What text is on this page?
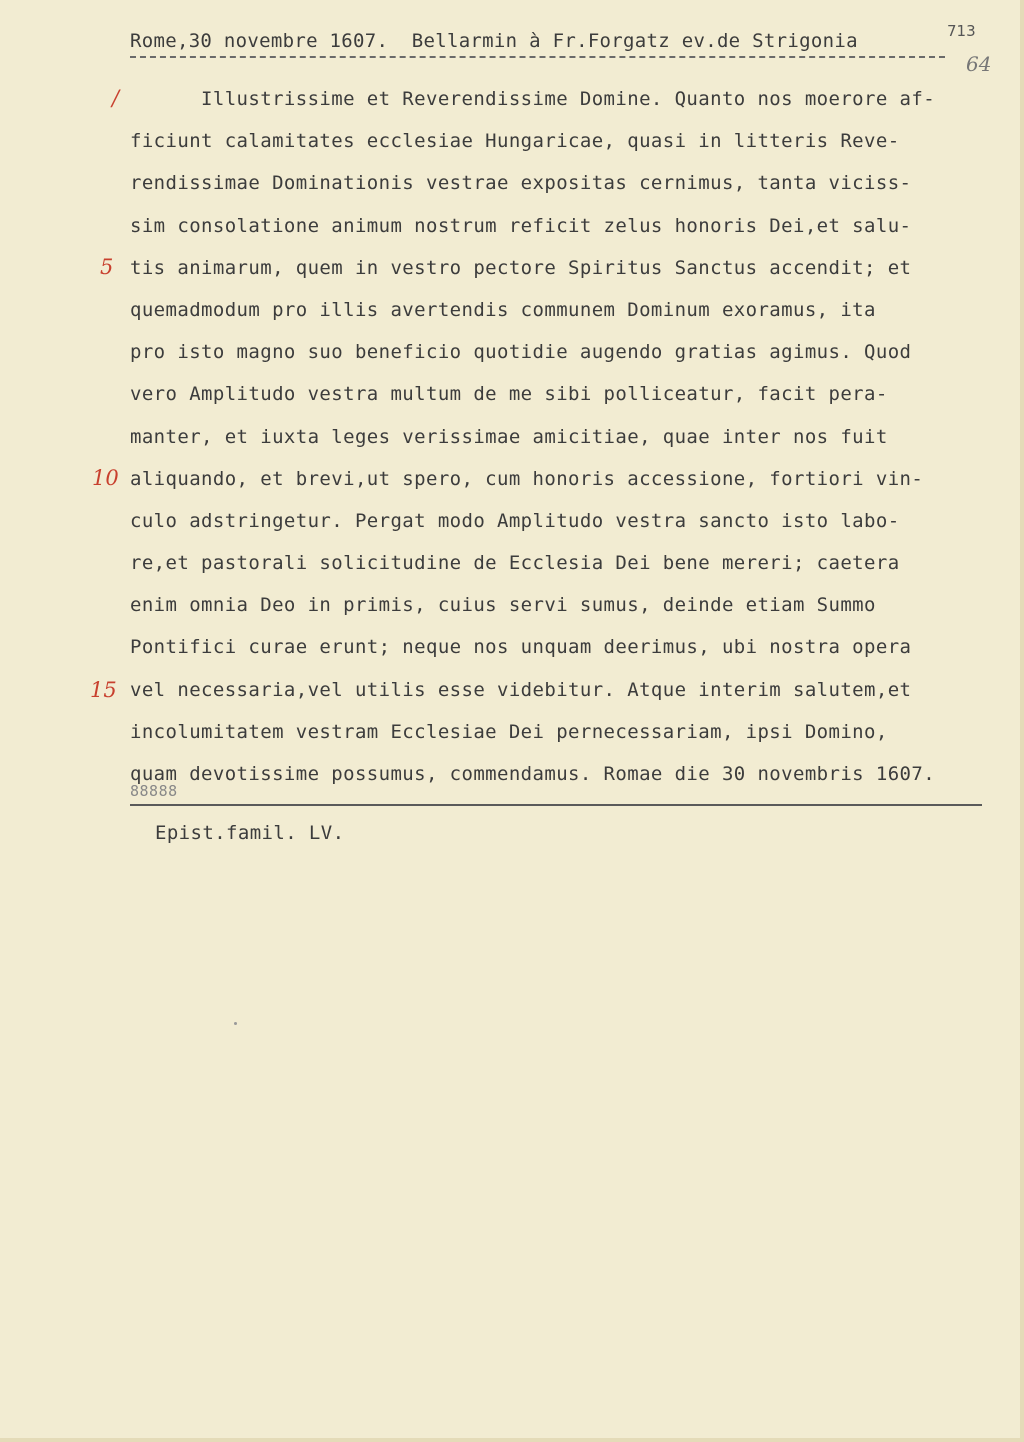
Rome,30 novembre 1607.  Bellarmin à Fr.Forgatz ev.de Strigonia	713
64
/
5
10
15
Illustrissime et Reverendissime Domine. Quanto nos moerore af-
ficiunt calamitates ecclesiae Hungaricae, quasi in litteris Reve-
rendissimae Dominationis vestrae expositas cernimus, tanta viciss-
sim consolatione animum nostrum reficit zelus honoris Dei,et salu-
tis animarum, quem in vestro pectore Spiritus Sanctus accendit; et
quemadmodum pro illis avertendis communem Dominum exoramus, ita
pro isto magno suo beneficio quotidie augendo gratias agimus. Quod
vero Amplitudo vestra multum de me sibi polliceatur, facit pera-
manter, et iuxta leges verissimae amicitiae, quae inter nos fuit
aliquando, et brevi,ut spero, cum honoris accessione, fortiori vin-
culo adstringetur. Pergat modo Amplitudo vestra sancto isto labo-
re,et pastorali solicitudine de Ecclesia Dei bene mereri; caetera
enim omnia Deo in primis, cuius servi sumus, deinde etiam Summo
Pontifici curae erunt; neque nos unquam deerimus, ubi nostra opera
vel necessaria,vel utilis esse videbitur. Atque interim salutem,et
incolumitatem vestram Ecclesiae Dei pernecessariam, ipsi Domino,
quam devotissime possumus, commendamus. Romae die 30 novembris 1607.
88888
Epist.famil. LV.
